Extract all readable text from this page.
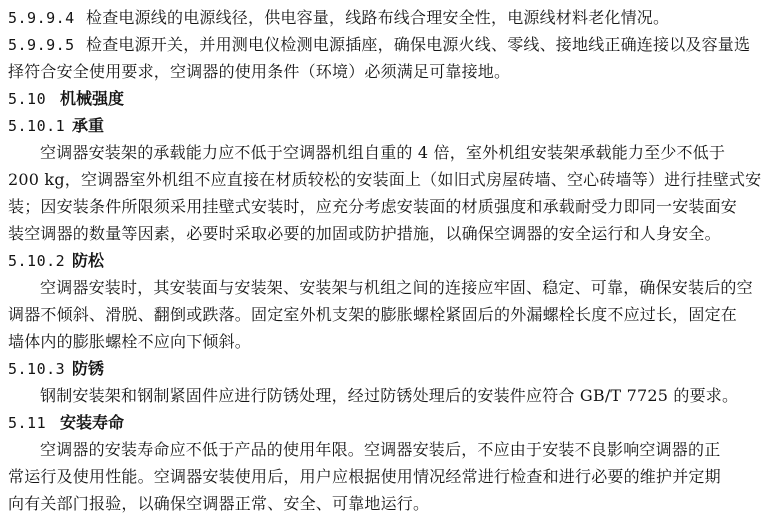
5.9.9.4 检查电源线的电源线径，供电容量，线路布线合理安全性，电源线材料老化情况。
5.9.9.5 检查电源开关，并用测电仪检测电源插座，确保电源火线、零线、接地线正确连接以及容量选
择符合安全使用要求，空调器的使用条件（环境）必须满足可靠接地。
5.10 机械强度
5.10.1 承重
空调器安装架的承载能力应不低于空调器机组自重的 4 倍，室外机组安装架承载能力至少不低于
200 kg，空调器室外机组不应直接在材质较松的安装面上（如旧式房屋砖墙、空心砖墙等）进行挂壁式安
装；因安装条件所限须采用挂壁式安装时，应充分考虑安装面的材质强度和承载耐受力即同一安装面安
装空调器的数量等因素，必要时采取必要的加固或防护措施，以确保空调器的安全运行和人身安全。
5.10.2 防松
空调器安装时，其安装面与安装架、安装架与机组之间的连接应牢固、稳定、可靠，确保安装后的空
调器不倾斜、滑脱、翻倒或跌落。固定室外机支架的膨胀螺栓紧固后的外漏螺栓长度不应过长，固定在
墙体内的膨胀螺栓不应向下倾斜。
5.10.3 防锈
钢制安装架和钢制紧固件应进行防锈处理，经过防锈处理后的安装件应符合 GB/T 7725 的要求。
5.11 安装寿命
空调器的安装寿命应不低于产品的使用年限。空调器安装后，不应由于安装不良影响空调器的正
常运行及使用性能。空调器安装使用后，用户应根据使用情况经常进行检查和进行必要的维护并定期
向有关部门报验，以确保空调器正常、安全、可靠地运行。
